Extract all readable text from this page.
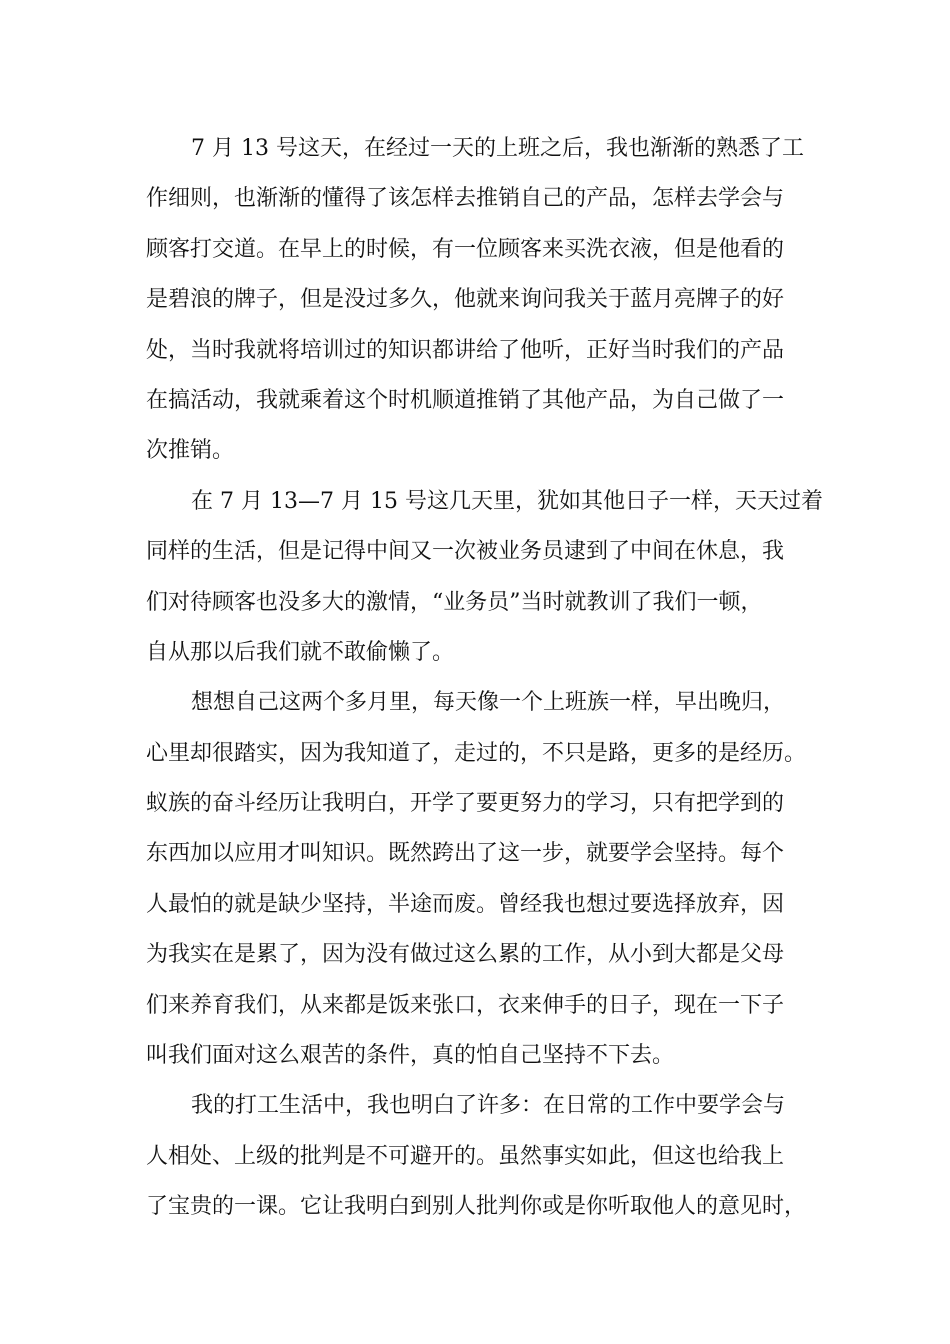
7 月 13 号这天，在经过一天的上班之后，我也渐渐的熟悉了工
作细则，也渐渐的懂得了该怎样去推销自己的产品，怎样去学会与
顾客打交道。在早上的时候，有一位顾客来买洗衣液，但是他看的
是碧浪的牌子，但是没过多久，他就来询问我关于蓝月亮牌子的好
处，当时我就将培训过的知识都讲给了他听，正好当时我们的产品
在搞活动，我就乘着这个时机顺道推销了其他产品，为自己做了一
次推销。
在 7 月 13—7 月 15 号这几天里，犹如其他日子一样，天天过着
同样的生活，但是记得中间又一次被业务员逮到了中间在休息，我
们对待顾客也没多大的激情，“业务员”当时就教训了我们一顿，
自从那以后我们就不敢偷懒了。
想想自己这两个多月里，每天像一个上班族一样，早出晚归，
心里却很踏实，因为我知道了，走过的，不只是路，更多的是经历。
蚁族的奋斗经历让我明白，开学了要更努力的学习，只有把学到的
东西加以应用才叫知识。既然跨出了这一步，就要学会坚持。每个
人最怕的就是缺少坚持，半途而废。曾经我也想过要选择放弃，因
为我实在是累了，因为没有做过这么累的工作，从小到大都是父母
们来养育我们，从来都是饭来张口，衣来伸手的日子，现在一下子
叫我们面对这么艰苦的条件，真的怕自己坚持不下去。
我的打工生活中，我也明白了许多：在日常的工作中要学会与
人相处、上级的批判是不可避开的。虽然事实如此，但这也给我上
了宝贵的一课。它让我明白到别人批判你或是你听取他人的意见时，
